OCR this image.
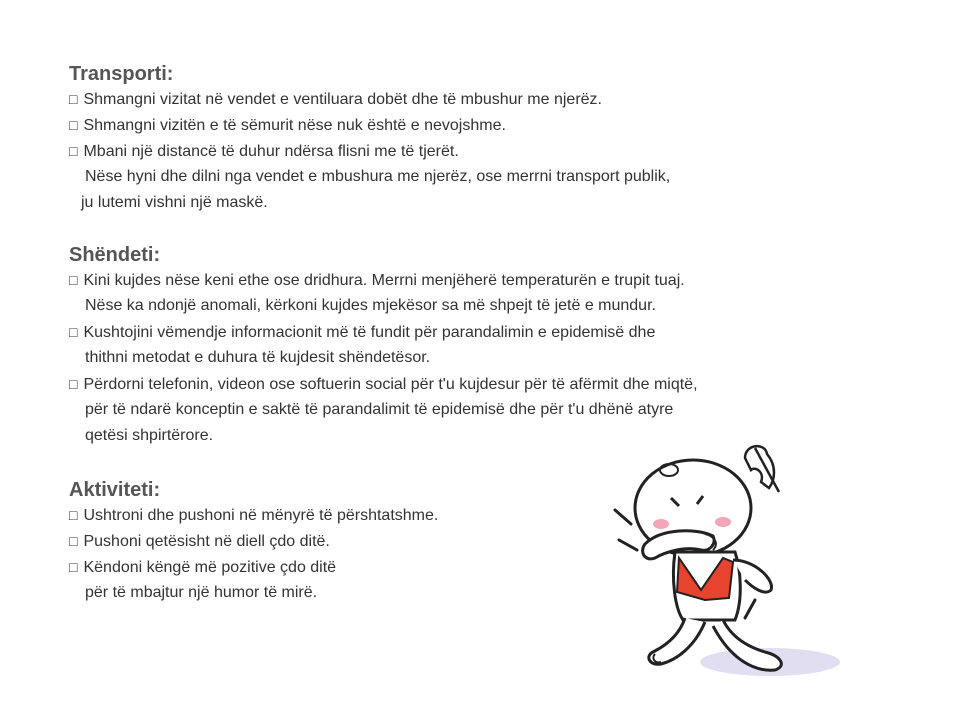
Transporti:
□ Shmangni vizitat në vendet e ventiluara dobët dhe të mbushur me njerëz.
□ Shmangni vizitën e të sëmurit nëse nuk është e nevojshme.
□ Mbani një distancë të duhur ndërsa flisni me të tjerët.
Nëse hyni dhe dilni nga vendet e mbushura me njerëz, ose merrni transport publik,
ju lutemi vishni një maskë.
Shëndeti:
□ Kini kujdes nëse keni ethe ose dridhura. Merrni menjëherë temperaturën e trupit tuaj.
Nëse ka ndonjë anomali, kërkoni kujdes mjekësor sa më shpejt të jetë e mundur.
□ Kushtojini vëmendje informacionit më të fundit për parandalimin e epidemisë dhe
thithni metodat e duhura të kujdesit shëndetësor.
□ Përdorni telefonin, videon ose softuerin social për t'u kujdesur për të afërmit dhe miqtë,
për të ndarë konceptin e saktë të parandalimit të epidemisë dhe për t'u dhënë atyre
qetësi shpirtërore.
Aktiviteti:
□ Ushtroni dhe pushoni në mënyrë të përshtatshme.
□ Pushoni qetësisht në diell çdo ditë.
□ Këndoni këngë më pozitive çdo ditë
për të mbajtur një humor të mirë.
